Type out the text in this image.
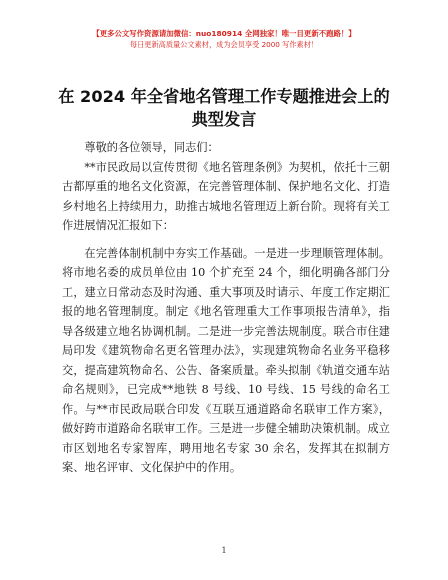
【更多公文写作资源请加微信：nuo180914 全网独家！唯一目更新不跑路！】
每日更新高质量公文素材，成为会员享受 2000 写作素材！
在 2024 年全省地名管理工作专题推进会上的典型发言

尊敬的各位领导，同志们：

**市民政局以宣传贯彻《地名管理条例》为契机，依托十三朝古都厚重的地名文化资源，在完善管理体制、保护地名文化、打造乡村地名上持续用力，助推古城地名管理迈上新台阶。现将有关工作进展情况汇报如下：

在完善体制机制中夯实工作基础。一是进一步理顺管理体制。将市地名委的成员单位由 10 个扩充至 24 个，细化明确各部门分工，建立日常动态及时沟通、重大事项及时请示、年度工作定期汇报的地名管理制度。制定《地名管理重大工作事项报告清单》，指导各级建立地名协调机制。二是进一步完善法规制度。联合市住建局印发《建筑物命名更名管理办法》，实现建筑物命名业务平稳移交，提高建筑物命名、公告、备案质量。牵头拟制《轨道交通车站命名规则》，已完成**地铁 8 号线、10 号线、15 号线的命名工作。与**市民政局联合印发《互联互通道路命名联审工作方案》，做好跨市道路命名联审工作。三是进一步健全辅助决策机制。成立市区划地名专家智库，聘用地名专家 30 余名，发挥其在拟制方案、地名评审、文化保护中的作用。

1
